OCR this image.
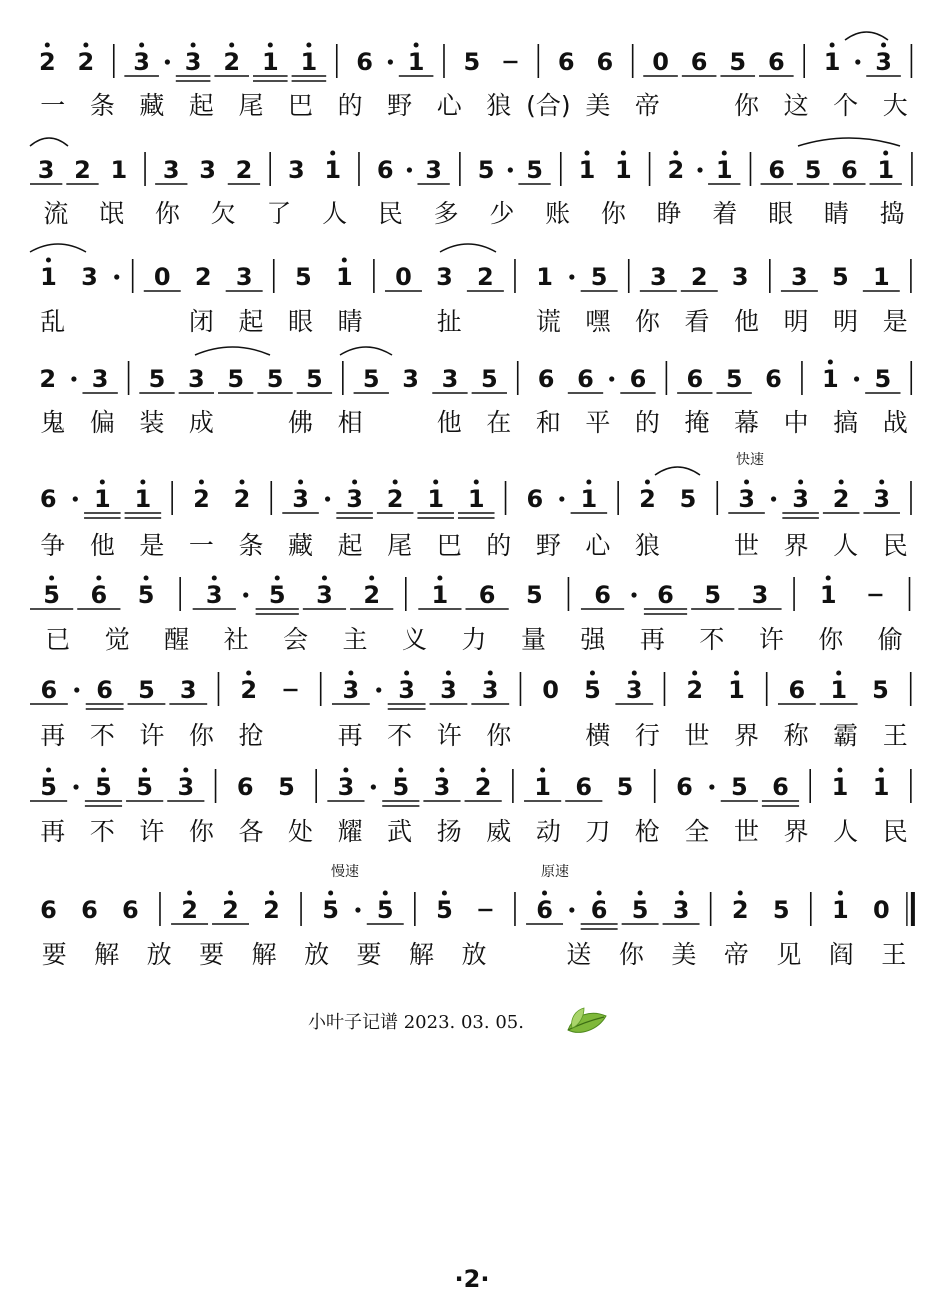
2 2 3 3 2 1 1 6 1 5	6 6 0 6 5 6 1 3
一 条 藏 起 尾 巴 的 野 心 狼 (合) 美 帝	你 这 个 大
3 2 1 3 3 2 3 1 6 3 5 5 1 1 2 1 6 5 6 1
流 氓 你 欠 了 人 民 多 少 账 你 睁 着 眼 睛 捣
1 3 0 2 3 5 1 0 3 2 1 5 3 2 3 3 5 1
乱	闭 起 眼 睛	扯	谎 嘿 你 看 他 明 明 是
2 3 5 3 5 5 5 5 3 3 5 6 6 6 6 5 6 1 5
鬼 偏 装 成	佛 相	他 在 和 平 的 掩 幕 中 搞 战
6 1 1 2 2 3 3 2 1 1 6 1 2 5 3 3 2 3
争 他 是 一 条 藏 起 尾 巴 的 野 心 狼	世 界 人 民
5 6 5 3 5 3 2 1 6 5 6 6 5 3 1
已 觉 醒 社 会 主 义 力 量 强 再 不 许 你 偷
6 6 5 3 2	3 3 3 3 0 5 3 2 1 6 1 5
再 不 许 你 抢	再 不 许 你	横 行 世 界 称 霸 王
5 5 5 3 6 5 3 5 3 2 1 6 5 6 5 6 1 1
再 不 许 你 各 处 耀 武 扬 威 动 刀 枪 全 世 界 人 民
6 6 6 2 2 2 5 5 5	6 6 5 3 2 5 1 0
要 解 放 要 解 放 要 解 放	送 你 美 帝 见 阎 王
快速
慢速	原速
小叶子记谱 2023. 03. 05.
·2·
